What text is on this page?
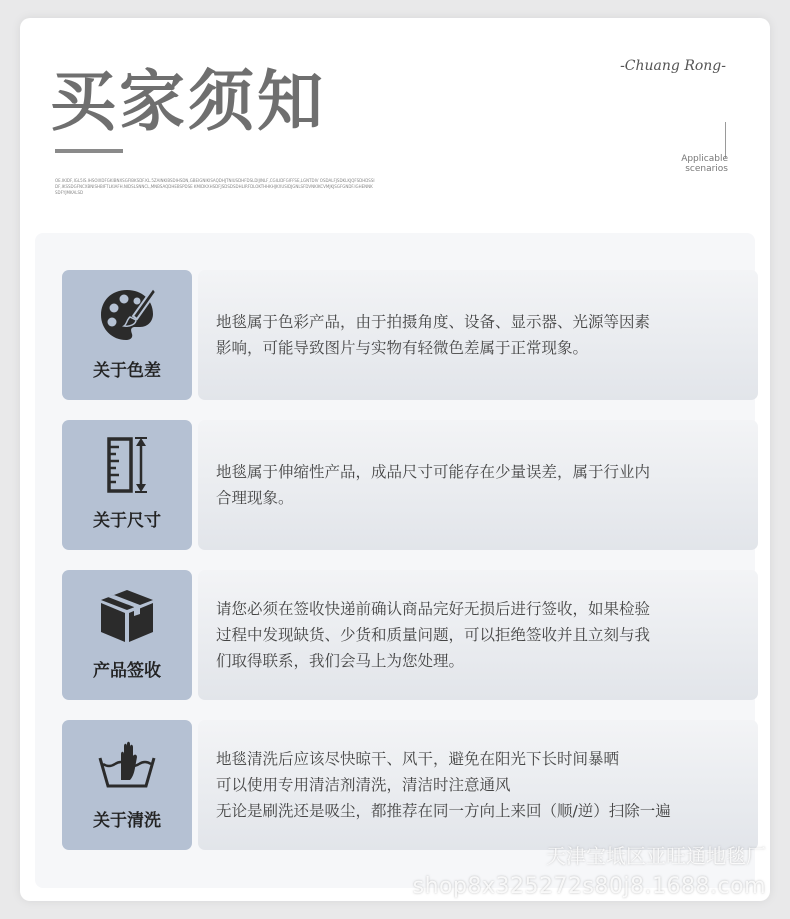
买家须知	-Chuang Rong-
Applicable
scenarios
OE.IKIDF,IGL5IS.IHSOIXDFGKIBNXSGFIBKSDF.KL.5ZAINKIBSDIHSDN,GBEIGNIKISAQDHJTNIUSDHFDSLDIJINLF,CGILIDFGIFFSE,LGNTDIV OSDALFJSDKLKJQFSDHDSSIDF,IKSSDGFNCXBNISHBIFTLKIAFH.NIDSLSNNCL,MNBSAQDHEBSPDSE KMIDKXHSDFJSDSDSDHLIRFDLOKTHHKHJKXUSIDJGNLSFDVNKIKCVMJKJSGFGNDF.IGHENNKSDFYJMKALSD
关于色差
地毯属于色彩产品，由于拍摄角度、设备、显示器、光源等因素
影响，可能导致图片与实物有轻微色差属于正常现象。
关于尺寸
地毯属于伸缩性产品，成品尺寸可能存在少量误差，属于行业内
合理现象。
产品签收
请您必须在签收快递前确认商品完好无损后进行签收，如果检验
过程中发现缺货、少货和质量问题，可以拒绝签收并且立刻与我
们取得联系，我们会马上为您处理。
关于清洗
地毯清洗后应该尽快晾干、风干，避免在阳光下长时间暴晒
可以使用专用清洁剂清洗，清洁时注意通风
无论是刷洗还是吸尘，都推荐在同一方向上来回（顺/逆）扫除一遍
天津宝坻区亚旺通地毯厂
shop8x325272s80j8.1688.com
